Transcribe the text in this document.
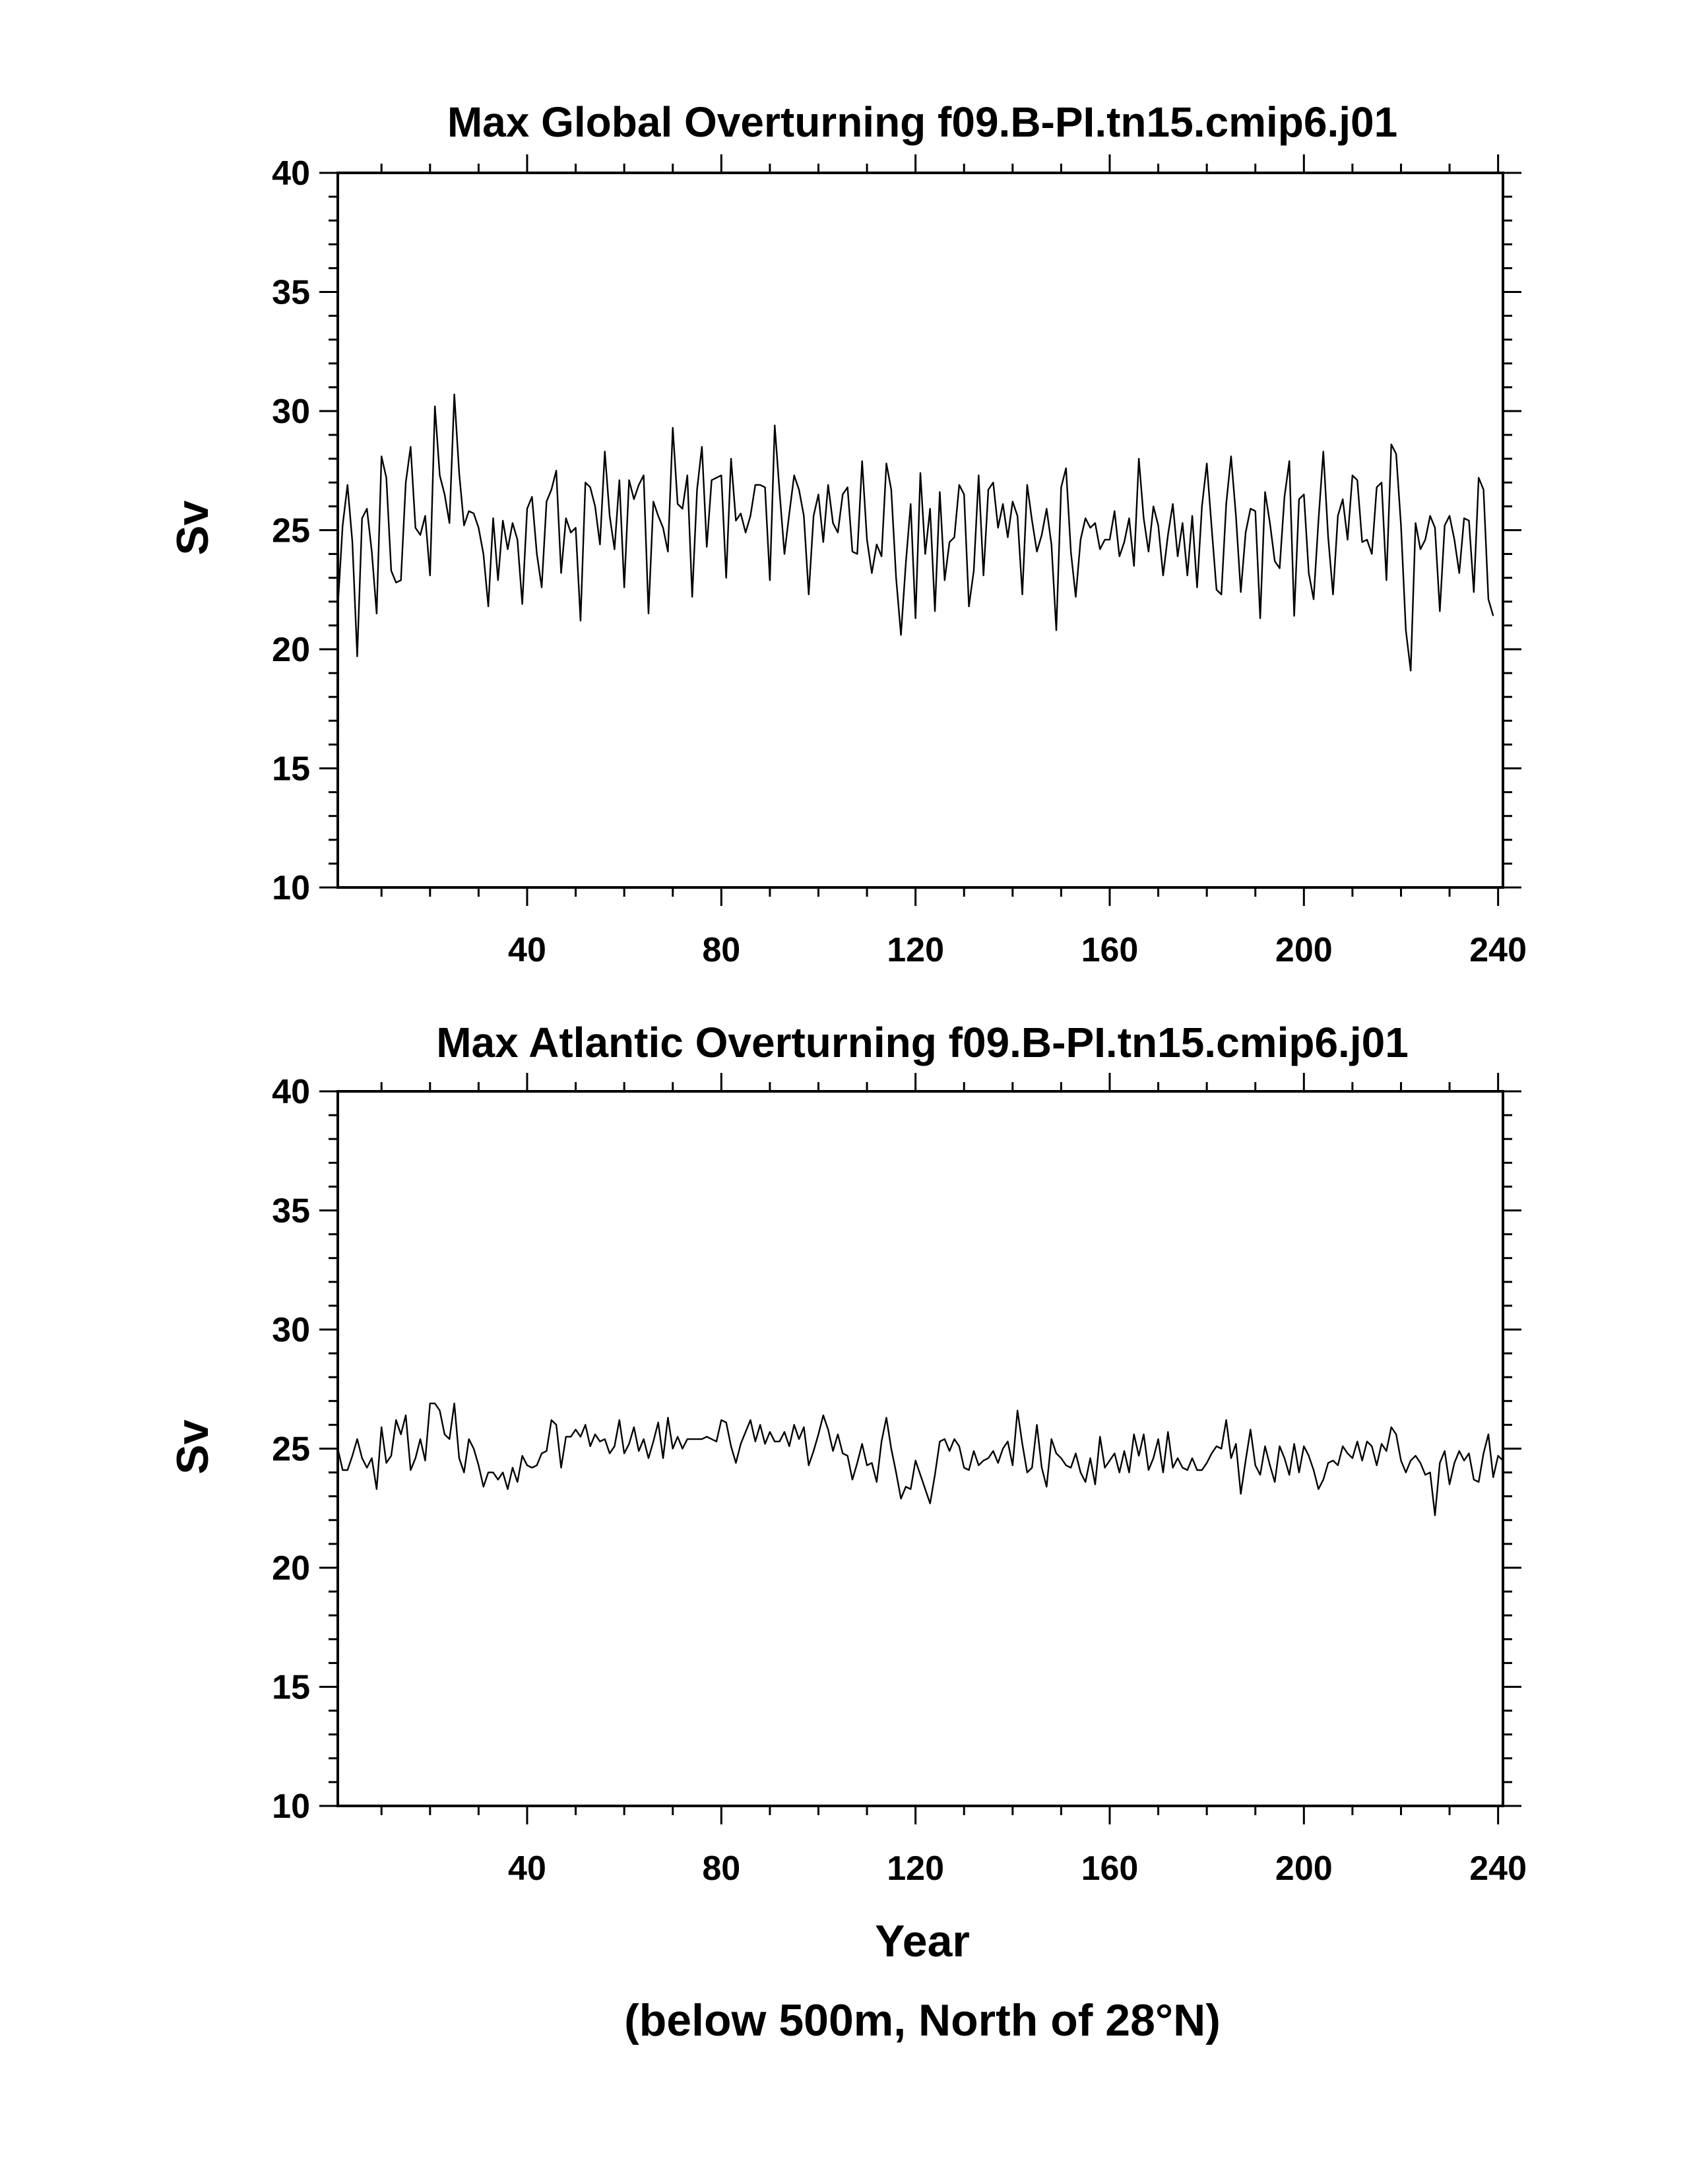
Max Global Overturning f09.B-PI.tn15.cmip6.j01
10
15
20
25
30
35
40
40	80	120	160	200	240
Sv
Max Atlantic Overturning f09.B-PI.tn15.cmip6.j01
10
15
20
25
30
35
40
40	80	120	160	200	240
Sv
Year
(below 500m, North of 28°N)
